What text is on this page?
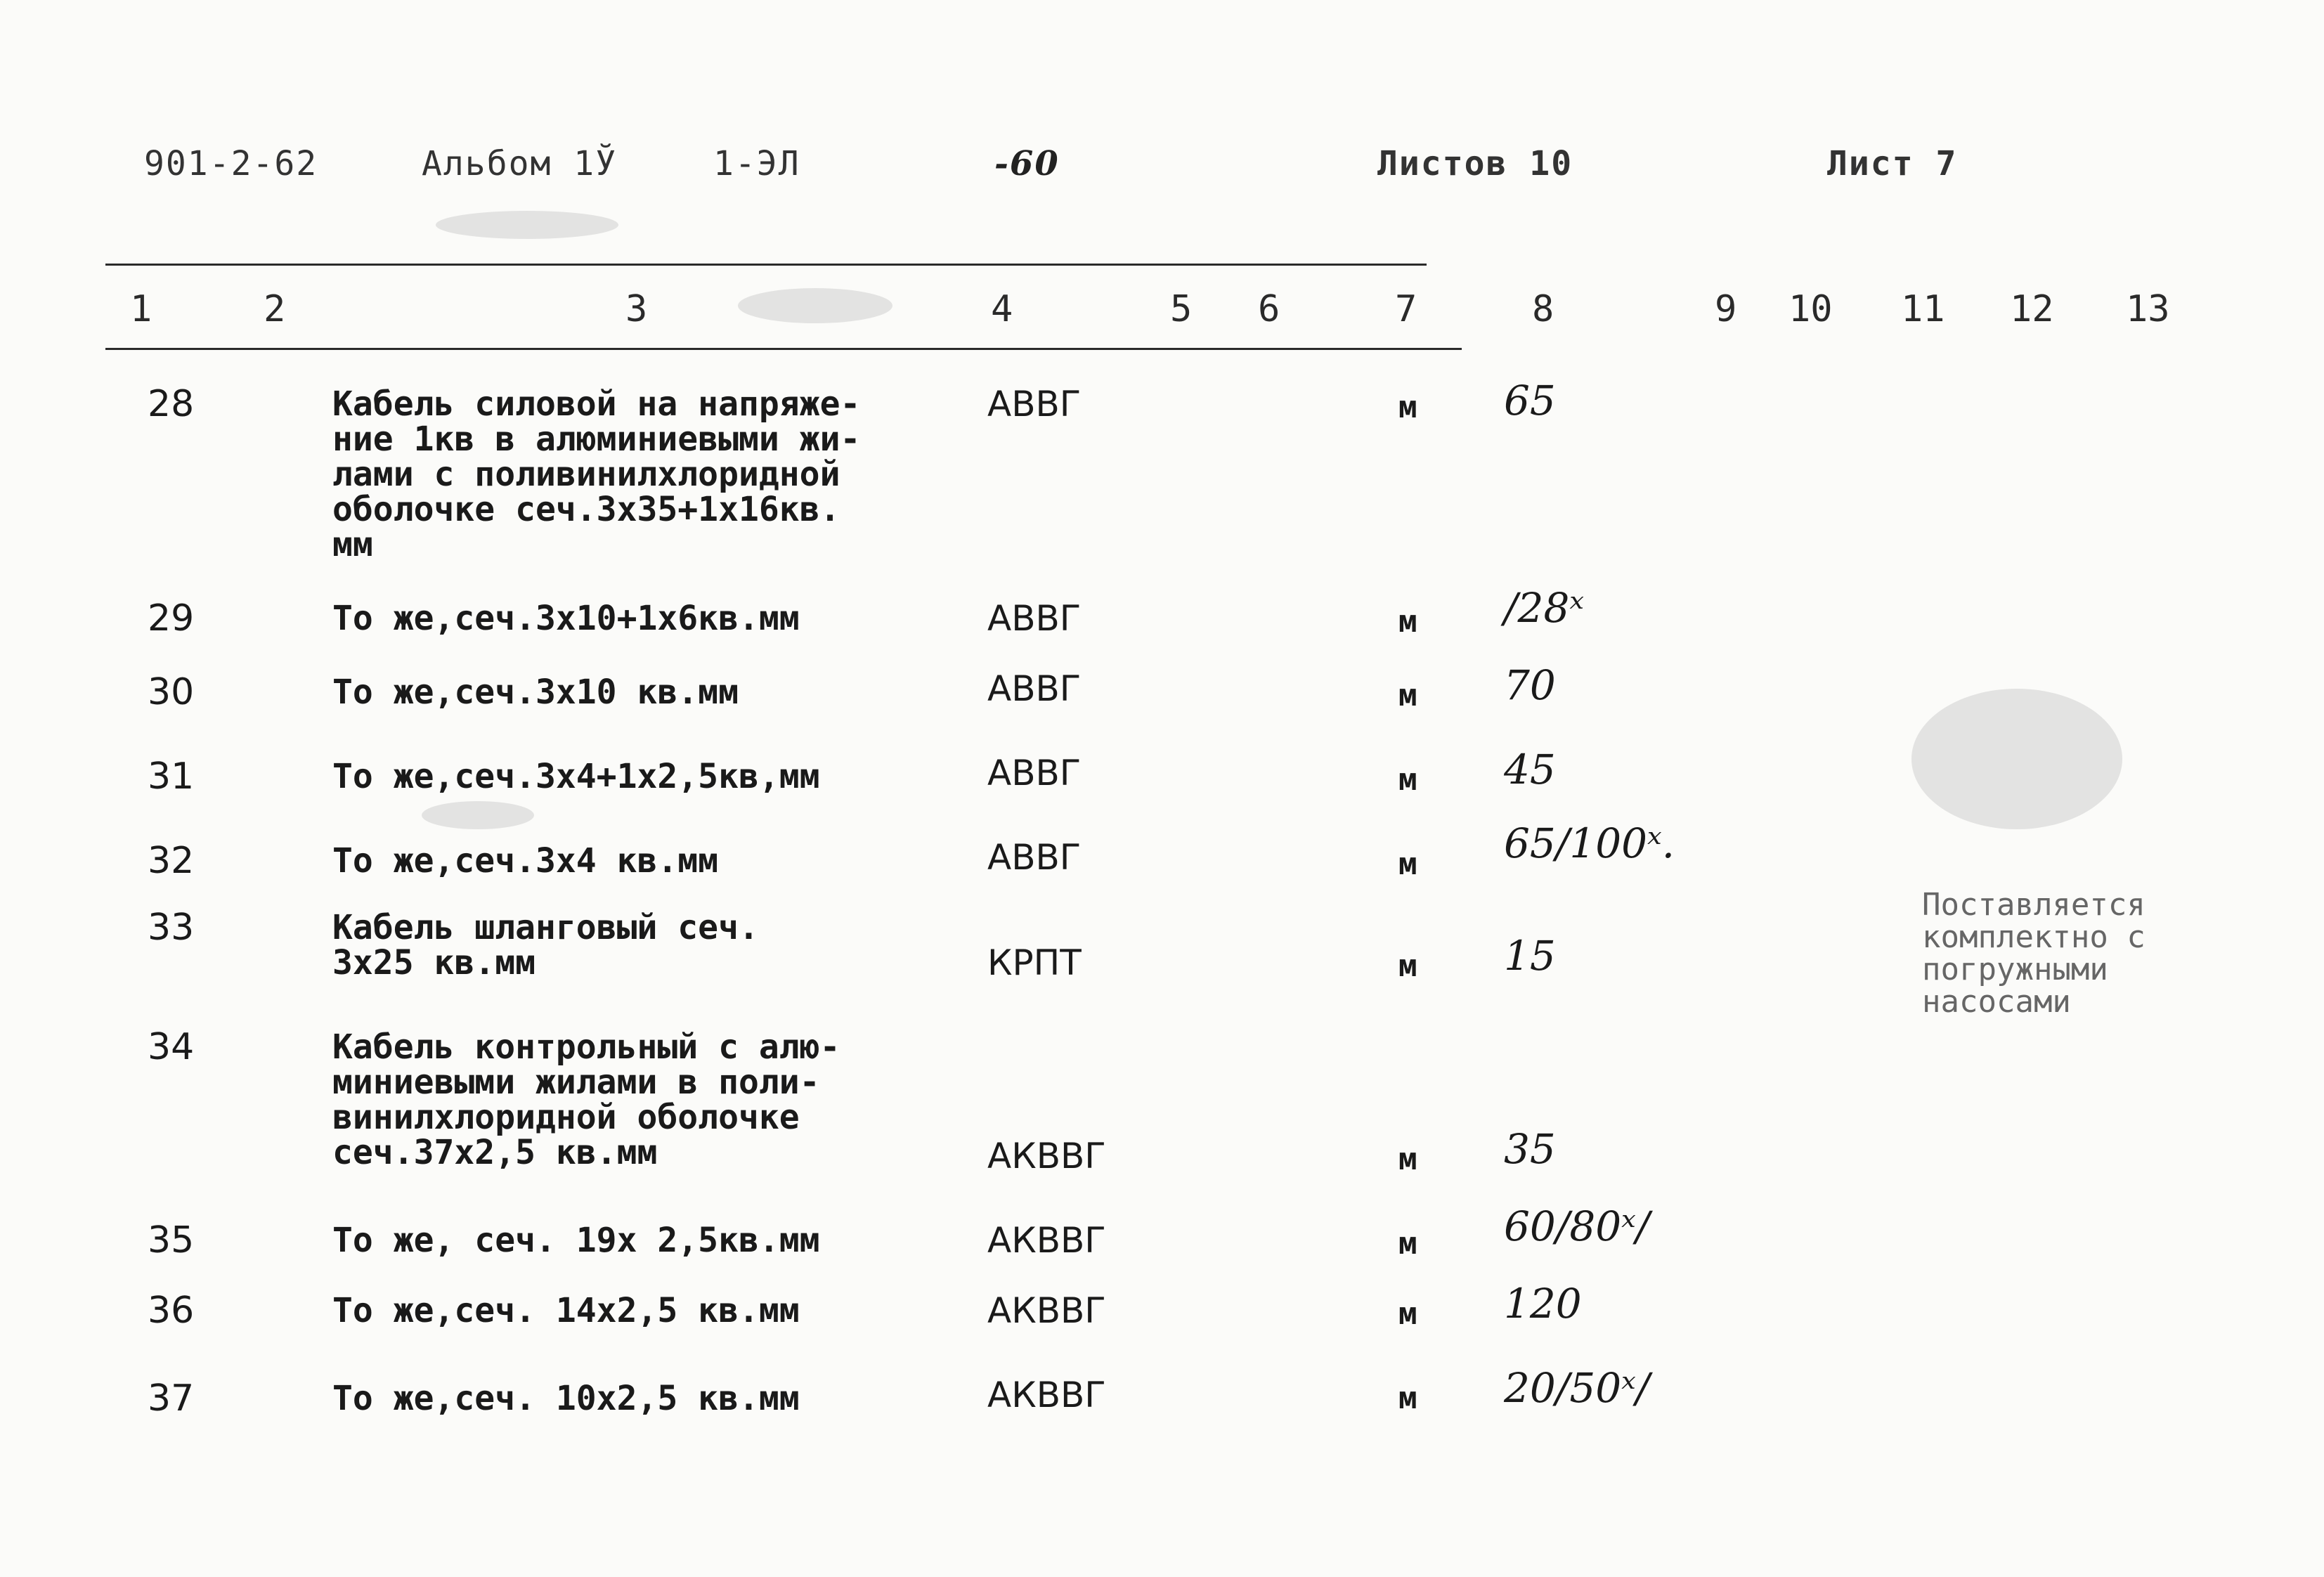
901-2-62	Альбом 1Ў	1-ЭЛ	-60	Листов 10	Лист 7
1	2	3	4	5 6	7	8	9 10 11 12 13
28	Кабель силовой на напряже-
ние 1кв в алюминиевыми жи-
лами с поливинилхлоридной
оболочке сеч.3х35+1х16кв.
мм
АВВГ	м 65
29	То же,сеч.3х10+1х6кв.мм	АВВГ	м /28ˣ
30	То же,сеч.3х10 кв.мм	АВВГ	м 70
31	То же,сеч.3х4+1х2,5кв,мм	АВВГ	м 45
32	То же,сеч.3х4 кв.мм	АВВГ	м 65/100ˣ.
33	Кабель шланговый сеч.
3х25 кв.мм	КРПТ	м 15
34	Кабель контрольный с алю-
миниевыми жилами в поли-
винилхлоридной оболочке
сеч.37х2,5 кв.мм	АКВВГ	м 35
35	То же, сеч. 19х 2,5кв.мм	АКВВГ	м 60/80ˣ/
36	То же,сеч. 14х2,5 кв.мм	АКВВГ	м 120
37	То же,сеч. 10х2,5 кв.мм	АКВВГ	м 20/50ˣ/
Поставляется
комплектно с
погружными
насосами
